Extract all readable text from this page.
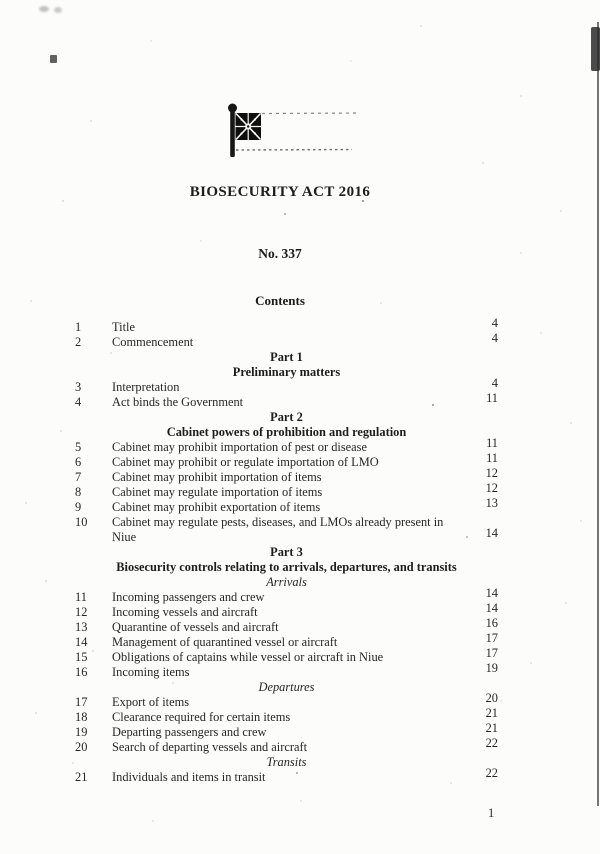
BIOSECURITY ACT 2016
No. 337
Contents
1	Title	4
2	Commencement	4
Part 1
Preliminary matters
3	Interpretation	4
4	Act binds the Government	11
Part 2
Cabinet powers of prohibition and regulation
5	Cabinet may prohibit importation of pest or disease	11
6	Cabinet may prohibit or regulate importation of LMO	11
7	Cabinet may prohibit importation of items	12
8	Cabinet may regulate importation of items	12
9	Cabinet may prohibit exportation of items	13
10	Cabinet may regulate pests, diseases, and LMOs already present in
Niue	14
Part 3
Biosecurity controls relating to arrivals, departures, and transits
Arrivals
11	Incoming passengers and crew	14
12	Incoming vessels and aircraft	14
13	Quarantine of vessels and aircraft	16
14	Management of quarantined vessel or aircraft	17
15	Obligations of captains while vessel or aircraft in Niue	17
16	Incoming items	19
Departures
17	Export of items	20
18	Clearance required for certain items	21
19	Departing passengers and crew	21
20	Search of departing vessels and aircraft	22
Transits
21	Individuals and items in transit	22
1
